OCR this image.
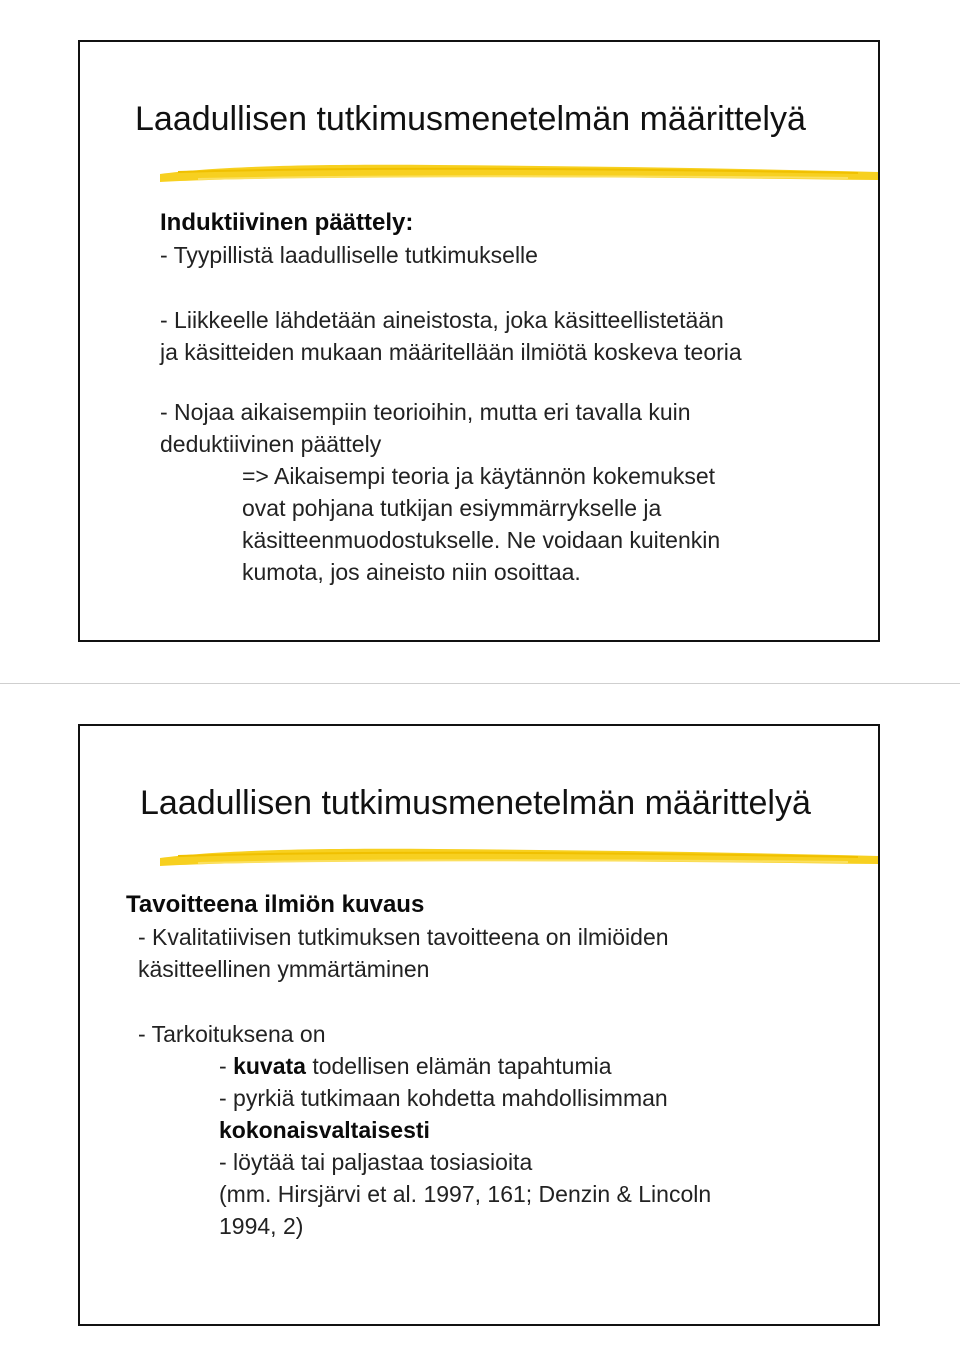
Laadullisen tutkimusmenetelmän määrittelyä
Induktiivinen päättely:
- Tyypillistä laadulliselle tutkimukselle
- Liikkeelle lähdetään aineistosta, joka käsitteellistetään
ja käsitteiden mukaan määritellään ilmiötä koskeva teoria
- Nojaa aikaisempiin teorioihin, mutta eri tavalla kuin
deduktiivinen päättely
=> Aikaisempi teoria ja käytännön kokemukset
ovat pohjana tutkijan esiymmärrykselle ja
käsitteenmuodostukselle. Ne voidaan kuitenkin
kumota, jos aineisto niin osoittaa.
Laadullisen tutkimusmenetelmän määrittelyä
Tavoitteena ilmiön kuvaus
- Kvalitatiivisen tutkimuksen tavoitteena on ilmiöiden
käsitteellinen ymmärtäminen
- Tarkoituksena on
- kuvata todellisen elämän tapahtumia
- pyrkiä tutkimaan kohdetta mahdollisimman
kokonaisvaltaisesti
- löytää tai paljastaa tosiasioita
(mm. Hirsjärvi et al. 1997, 161; Denzin & Lincoln
1994, 2)
